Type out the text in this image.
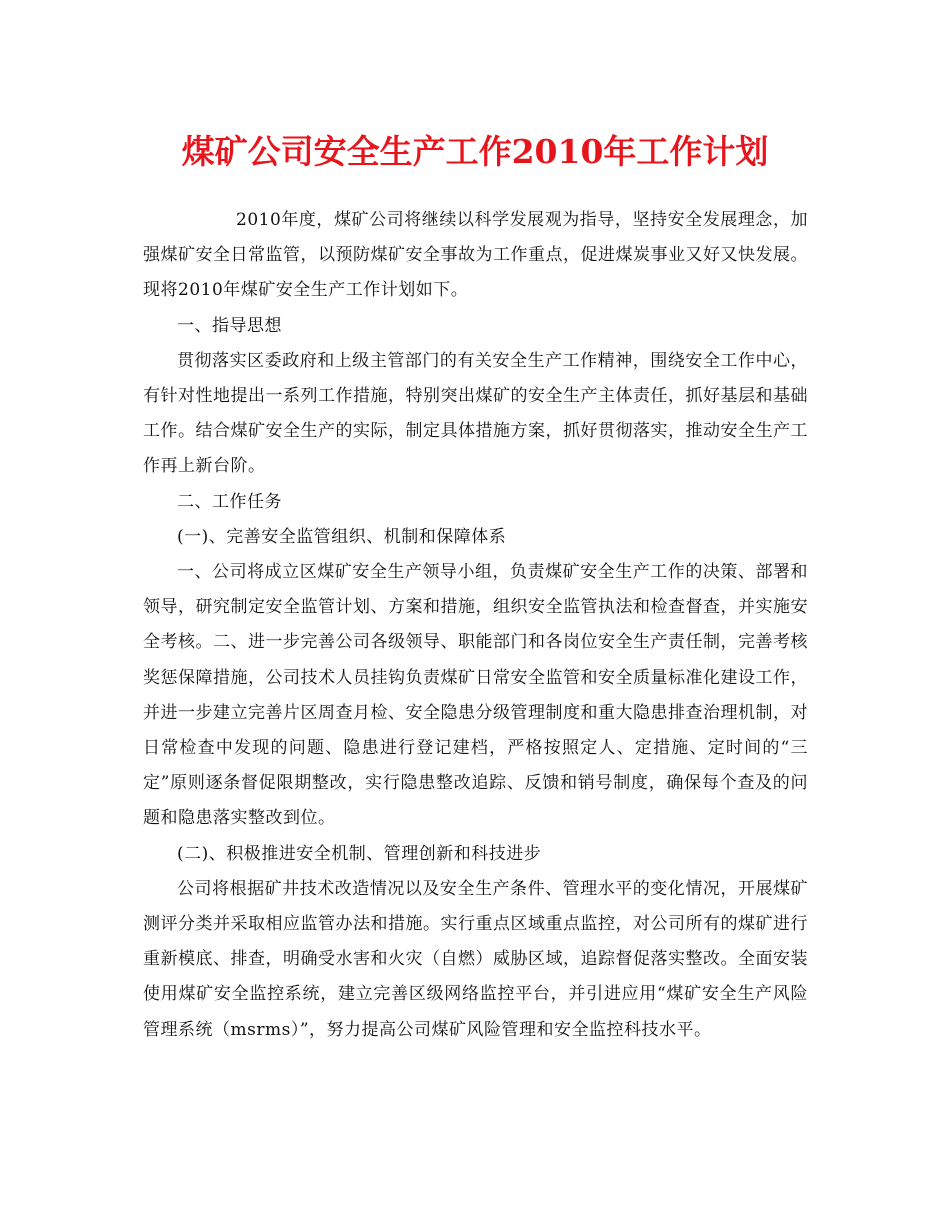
煤矿公司安全生产工作2010年工作计划

2010年度，煤矿公司将继续以科学发展观为指导，坚持安全发展理念，加强煤矿安全日常监管，以预防煤矿安全事故为工作重点，促进煤炭事业又好又快发展。现将2010年煤矿安全生产工作计划如下。

一、指导思想

贯彻落实区委政府和上级主管部门的有关安全生产工作精神，围绕安全工作中心，有针对性地提出一系列工作措施，特别突出煤矿的安全生产主体责任，抓好基层和基础工作。结合煤矿安全生产的实际，制定具体措施方案，抓好贯彻落实，推动安全生产工作再上新台阶。

二、工作任务

(一)、完善安全监管组织、机制和保障体系

一、公司将成立区煤矿安全生产领导小组，负责煤矿安全生产工作的决策、部署和领导，研究制定安全监管计划、方案和措施，组织安全监管执法和检查督查，并实施安全考核。二、进一步完善公司各级领导、职能部门和各岗位安全生产责任制，完善考核奖惩保障措施，公司技术人员挂钩负责煤矿日常安全监管和安全质量标准化建设工作，并进一步建立完善片区周查月检、安全隐患分级管理制度和重大隐患排查治理机制，对日常检查中发现的问题、隐患进行登记建档，严格按照定人、定措施、定时间的“三定”原则逐条督促限期整改，实行隐患整改追踪、反馈和销号制度，确保每个查及的问题和隐患落实整改到位。

(二)、积极推进安全机制、管理创新和科技进步

公司将根据矿井技术改造情况以及安全生产条件、管理水平的变化情况，开展煤矿测评分类并采取相应监管办法和措施。实行重点区域重点监控，对公司所有的煤矿进行重新模底、排查，明确受水害和火灾（自燃）威胁区域，追踪督促落实整改。全面安装使用煤矿安全监控系统，建立完善区级网络监控平台，并引进应用“煤矿安全生产风险管理系统（msrms）”，努力提高公司煤矿风险管理和安全监控科技水平。
